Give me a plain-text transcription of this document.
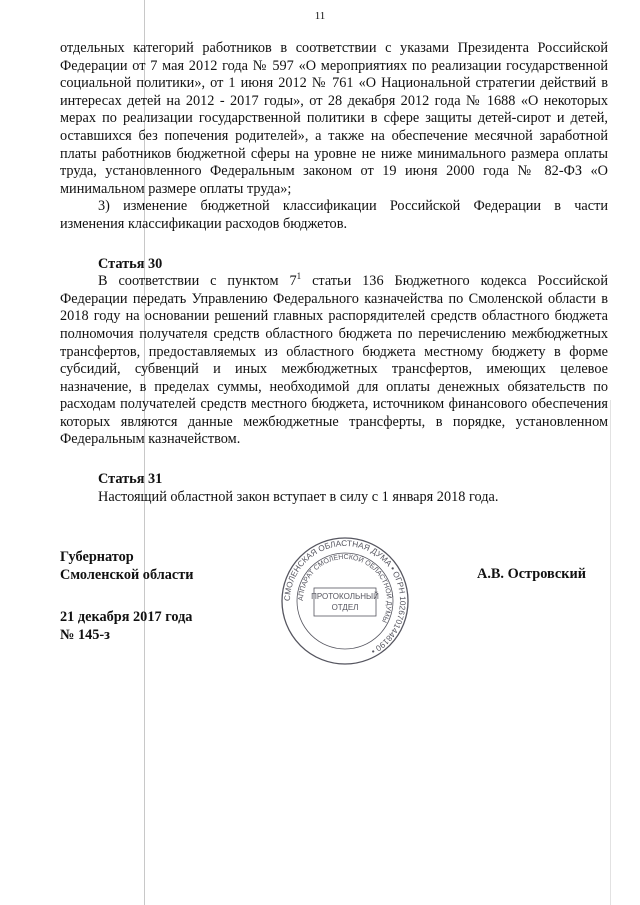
11

отдельных категорий работников в соответствии с указами Президента Российской Федерации от 7 мая 2012 года № 597 «О мероприятиях по реализации государственной социальной политики», от 1 июня 2012 № 761 «О Национальной стратегии действий в интересах детей на 2012 - 2017 годы», от 28 декабря 2012 года № 1688 «О некоторых мерах по реализации государственной политики в сфере защиты детей-сирот и детей, оставшихся без попечения родителей», а также на обеспечение месячной заработной платы работников бюджетной сферы на уровне не ниже минимального размера оплаты труда, установленного Федеральным законом от 19 июня 2000 года № 82-ФЗ «О минимальном размере оплаты труда»;

3) изменение бюджетной классификации Российской Федерации в части изменения классификации расходов бюджетов.

Статья 30

В соответствии с пунктом $7^1$ статьи 136 Бюджетного кодекса Российской Федерации передать Управлению Федерального казначейства по Смоленской области в 2018 году на основании решений главных распорядителей средств областного бюджета полномочия получателя средств областного бюджета по перечислению межбюджетных трансфертов, предоставляемых из областного бюджета местному бюджету в форме субсидий, субвенций и иных межбюджетных трансфертов, имеющих целевое назначение, в пределах суммы, необходимой для оплаты денежных обязательств по расходам получателей средств местного бюджета, источником финансового обеспечения которых являются данные межбюджетные трансферты, в порядке, установленном Федеральным казначейством.

Статья 31

Настоящий областной закон вступает в силу с 1 января 2018 года.

Губернатор
Смоленской области
21 декабря 2017 года
№ 145-з
А.В. Островский
СМОЛЕНСКАЯ ОБЛАСТНАЯ ДУМА • ОГРН 1026701448190 •
АППАРАТ СМОЛЕНСКОЙ ОБЛАСТНОЙ ДУМЫ
ПРОТОКОЛЬНЫЙ
ОТДЕЛ
